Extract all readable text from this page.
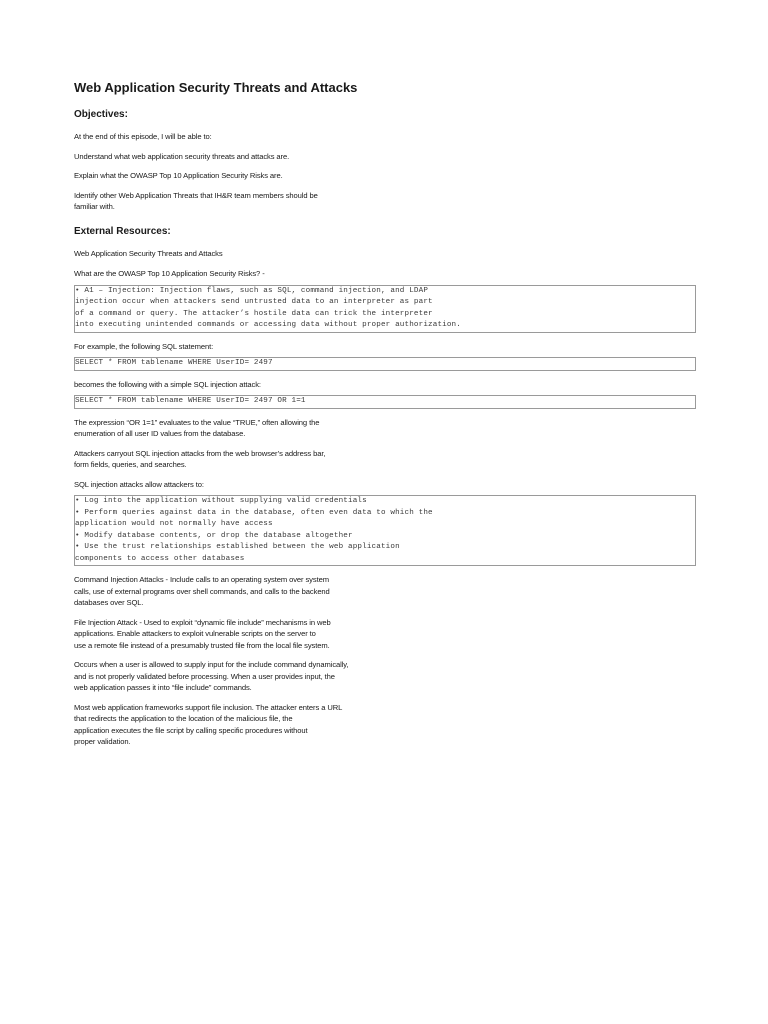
Web Application Security Threats and Attacks
Objectives:

At the end of this episode, I will be able to:

Understand what web application security threats and attacks are.

Explain what the OWASP Top 10 Application Security Risks are.

Identify other Web Application Threats that IH&R team members should be
familiar with.

External Resources:

Web Application Security Threats and Attacks

What are the OWASP Top 10 Application Security Risks? -

• A1 – Injection: Injection flaws, such as SQL, command injection, and LDAP
injection occur when attackers send untrusted data to an interpreter as part
of a command or query. The attacker’s hostile data can trick the interpreter
into executing unintended commands or accessing data without proper authorization.

For example, the following SQL statement:

SELECT * FROM tablename WHERE UserID= 2497

becomes the following with a simple SQL injection attack:

SELECT * FROM tablename WHERE UserID= 2497 OR 1=1

The expression “OR 1=1” evaluates to the value “TRUE,” often allowing the
enumeration of all user ID values from the database.

Attackers carryout SQL injection attacks from the web browser’s address bar,
form fields, queries, and searches.

SQL injection attacks allow attackers to:

• Log into the application without supplying valid credentials
• Perform queries against data in the database, often even data to which the
application would not normally have access
• Modify database contents, or drop the database altogether
• Use the trust relationships established between the web application
components to access other databases

Command Injection Attacks - Include calls to an operating system over system
calls, use of external programs over shell commands, and calls to the backend
databases over SQL.

File Injection Attack - Used to exploit “dynamic file include” mechanisms in web
applications. Enable attackers to exploit vulnerable scripts on the server to
use a remote file instead of a presumably trusted file from the local file system.

Occurs when a user is allowed to supply input for the include command dynamically,
and is not properly validated before processing. When a user provides input, the
web application passes it into “file include” commands.

Most web application frameworks support file inclusion. The attacker enters a URL
that redirects the application to the location of the malicious file, the
application executes the file script by calling specific procedures without
proper validation.
